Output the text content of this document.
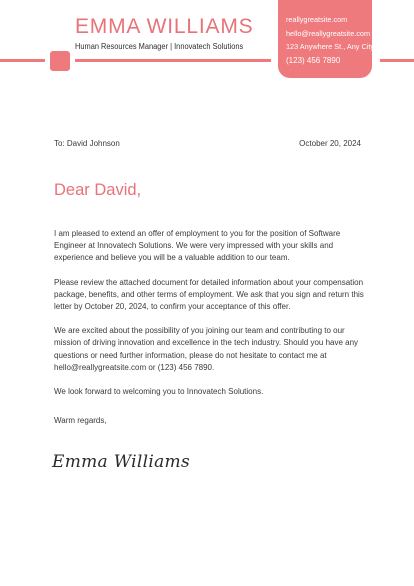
EMMA WILLIAMS
Human Resources Manager | Innovatech Solutions
reallygreatsite.com
hello@reallygreatsite.com
123 Anywhere St., Any City
(123) 456 7890
To: David Johnson	October 20, 2024
Dear David,

I am pleased to extend an offer of employment to you for the position of Software Engineer at Innovatech Solutions. We were very impressed with your skills and experience and believe you will be a valuable addition to our team.

Please review the attached document for detailed information about your compensation package, benefits, and other terms of employment. We ask that you sign and return this letter by October 20, 2024, to confirm your acceptance of this offer.

We are excited about the possibility of you joining our team and contributing to our mission of driving innovation and excellence in the tech industry. Should you have any questions or need further information, please do not hesitate to contact me at hello@reallygreatsite.com or (123) 456 7890.

We look forward to welcoming you to Innovatech Solutions.

Warm regards,
Emma Williams
